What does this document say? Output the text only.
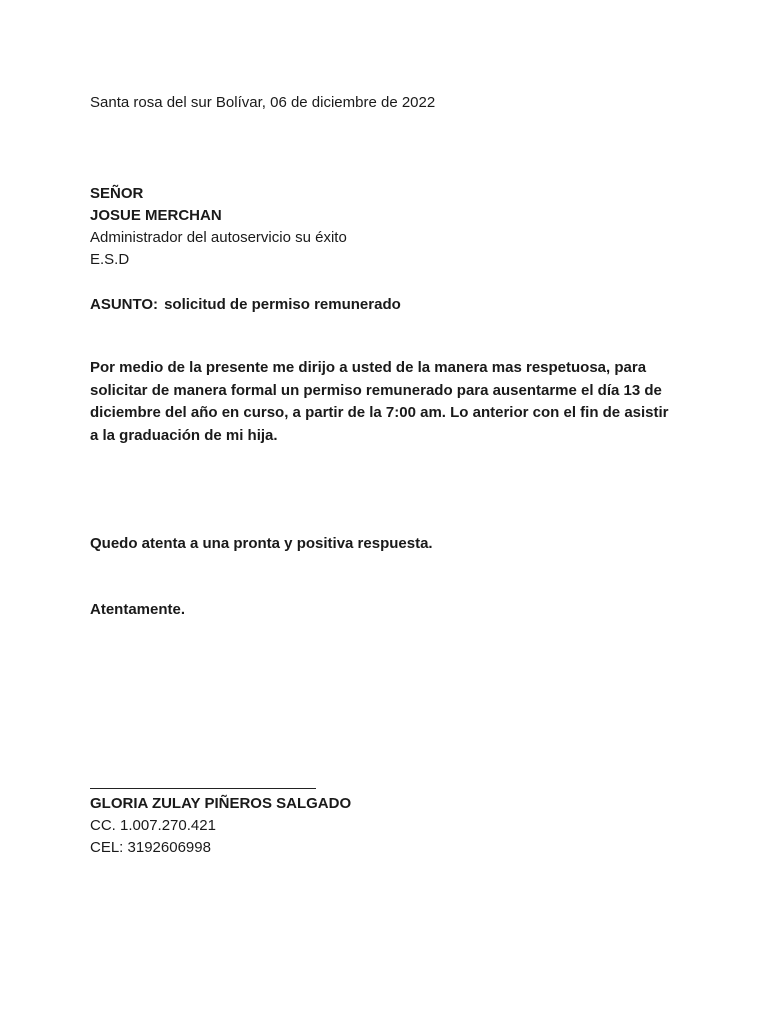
Santa rosa del sur Bolívar, 06 de diciembre de 2022
SEÑOR
JOSUE MERCHAN
Administrador del autoservicio su éxito
E.S.D
ASUNTO: solicitud de permiso remunerado
Por medio de la presente me dirijo a usted de la manera mas respetuosa, para
solicitar de manera formal un permiso remunerado para ausentarme el día 13 de
diciembre del año en curso, a partir de la 7:00 am. Lo anterior con el fin de asistir
a la graduación de mi hija.
Quedo atenta a una pronta y positiva respuesta.
Atentamente.
GLORIA ZULAY PIÑEROS SALGADO
CC. 1.007.270.421
CEL: 3192606998
